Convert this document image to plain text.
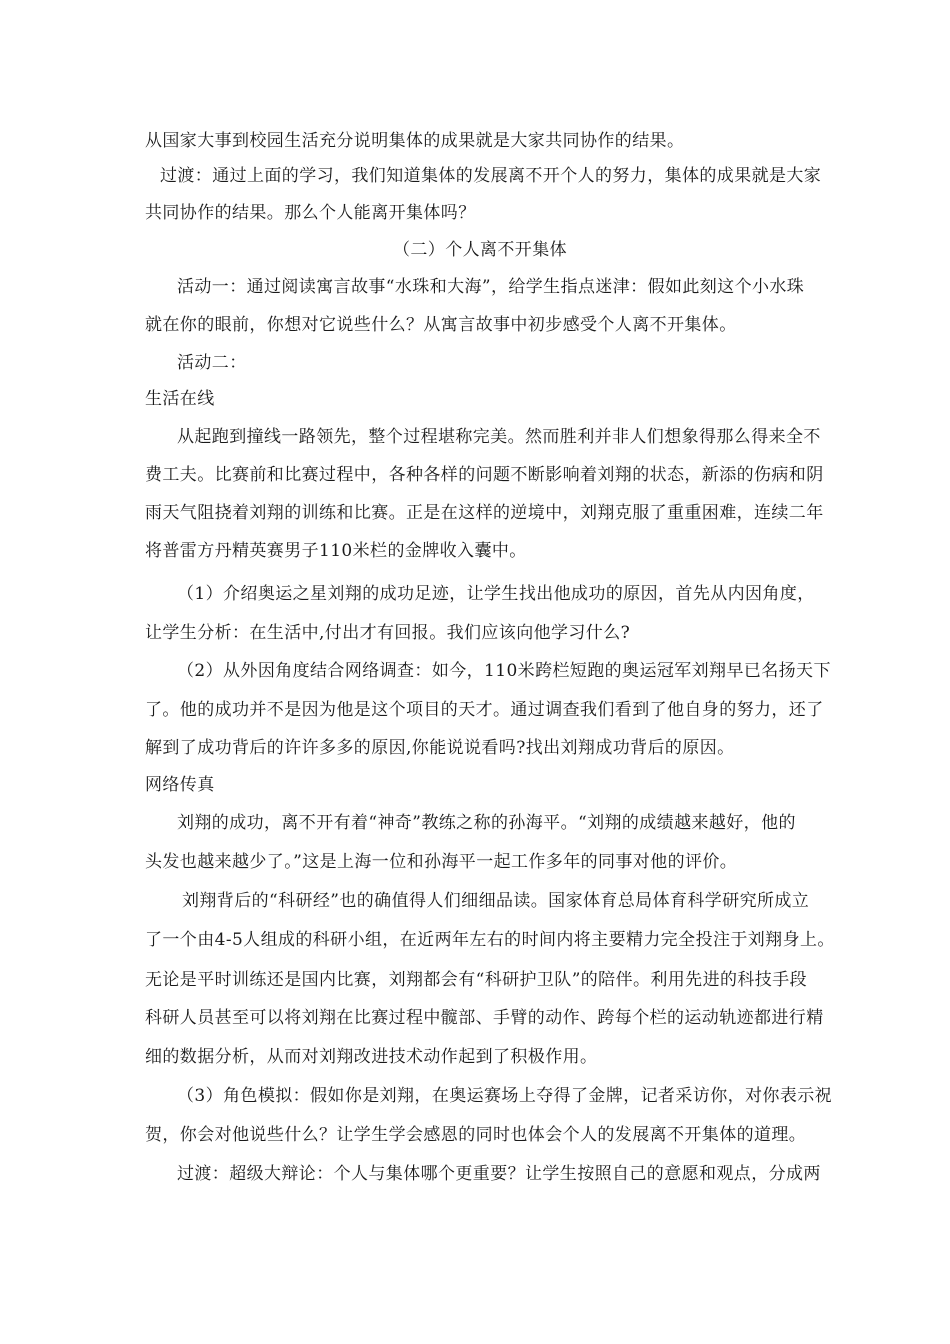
从国家大事到校园生活充分说明集体的成果就是大家共同协作的结果。
过渡：通过上面的学习，我们知道集体的发展离不开个人的努力，集体的成果就是大家
共同协作的结果。那么个人能离开集体吗？
（二）个人离不开集体
活动一：通过阅读寓言故事“水珠和大海”，给学生指点迷津：假如此刻这个小水珠
就在你的眼前，你想对它说些什么？从寓言故事中初步感受个人离不开集体。
活动二：
生活在线
从起跑到撞线一路领先，整个过程堪称完美。然而胜利并非人们想象得那么得来全不
费工夫。比赛前和比赛过程中，各种各样的问题不断影响着刘翔的状态，新添的伤病和阴
雨天气阻挠着刘翔的训练和比赛。正是在这样的逆境中，刘翔克服了重重困难，连续二年
将普雷方丹精英赛男子110米栏的金牌收入囊中。
（1）介绍奥运之星刘翔的成功足迹，让学生找出他成功的原因，首先从内因角度，
让学生分析：在生活中,付出才有回报。我们应该向他学习什么?
（2）从外因角度结合网络调查：如今，110米跨栏短跑的奥运冠军刘翔早已名扬天下
了。他的成功并不是因为他是这个项目的天才。通过调查我们看到了他自身的努力，还了
解到了成功背后的许许多多的原因,你能说说看吗?找出刘翔成功背后的原因。
网络传真
刘翔的成功，离不开有着“神奇”教练之称的孙海平。“刘翔的成绩越来越好，他的
头发也越来越少了。”这是上海一位和孙海平一起工作多年的同事对他的评价。
刘翔背后的“科研经”也的确值得人们细细品读。国家体育总局体育科学研究所成立
了一个由4-5人组成的科研小组，在近两年左右的时间内将主要精力完全投注于刘翔身上。
无论是平时训练还是国内比赛，刘翔都会有“科研护卫队”的陪伴。利用先进的科技手段
科研人员甚至可以将刘翔在比赛过程中髋部、手臂的动作、跨每个栏的运动轨迹都进行精
细的数据分析，从而对刘翔改进技术动作起到了积极作用。
（3）角色模拟：假如你是刘翔，在奥运赛场上夺得了金牌，记者采访你，对你表示祝
贺，你会对他说些什么？让学生学会感恩的同时也体会个人的发展离不开集体的道理。
过渡：超级大辩论：个人与集体哪个更重要？让学生按照自己的意愿和观点，分成两
